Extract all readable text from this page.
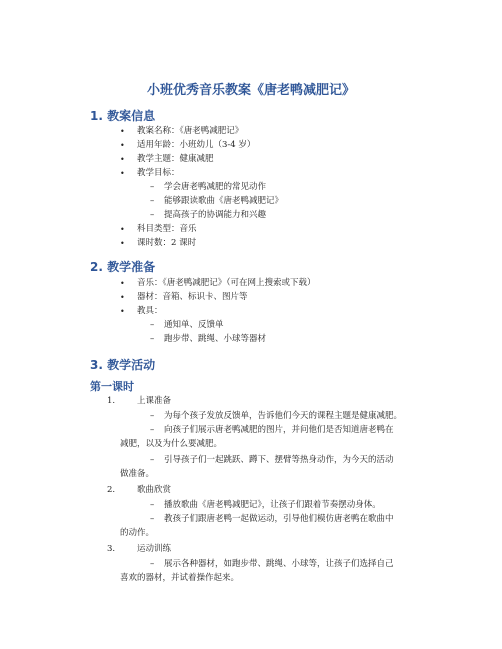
小班优秀音乐教案《唐老鸭减肥记》
1. 教案信息
• 教案名称：《唐老鸭减肥记》
• 适用年龄：小班幼儿（3-4 岁）
• 教学主题：健康减肥
• 教学目标：
– 学会唐老鸭减肥的常见动作
– 能够跟读歌曲《唐老鸭减肥记》
– 提高孩子的协调能力和兴趣
• 科目类型：音乐
• 课时数：2 课时
2. 教学准备
• 音乐：《唐老鸭减肥记》（可在网上搜索或下载）
• 器材：音箱、标识卡、图片等
• 教具：
– 通知单、反馈单
– 跑步带、跳绳、小球等器材
3. 教学活动
第一课时
1.	上课准备
– 为每个孩子发放反馈单，告诉他们今天的课程主题是健康减肥。
– 向孩子们展示唐老鸭减肥的图片，并问他们是否知道唐老鸭在
减肥，以及为什么要减肥。
– 引导孩子们一起跳跃、蹲下、摆臂等热身动作，为今天的活动
做准备。
2.	歌曲欣赏
– 播放歌曲《唐老鸭减肥记》，让孩子们跟着节奏摆动身体。
– 教孩子们跟唐老鸭一起做运动，引导他们模仿唐老鸭在歌曲中
的动作。
3.	运动训练
– 展示各种器材，如跑步带、跳绳、小球等，让孩子们选择自己
喜欢的器材，并试着操作起来。
